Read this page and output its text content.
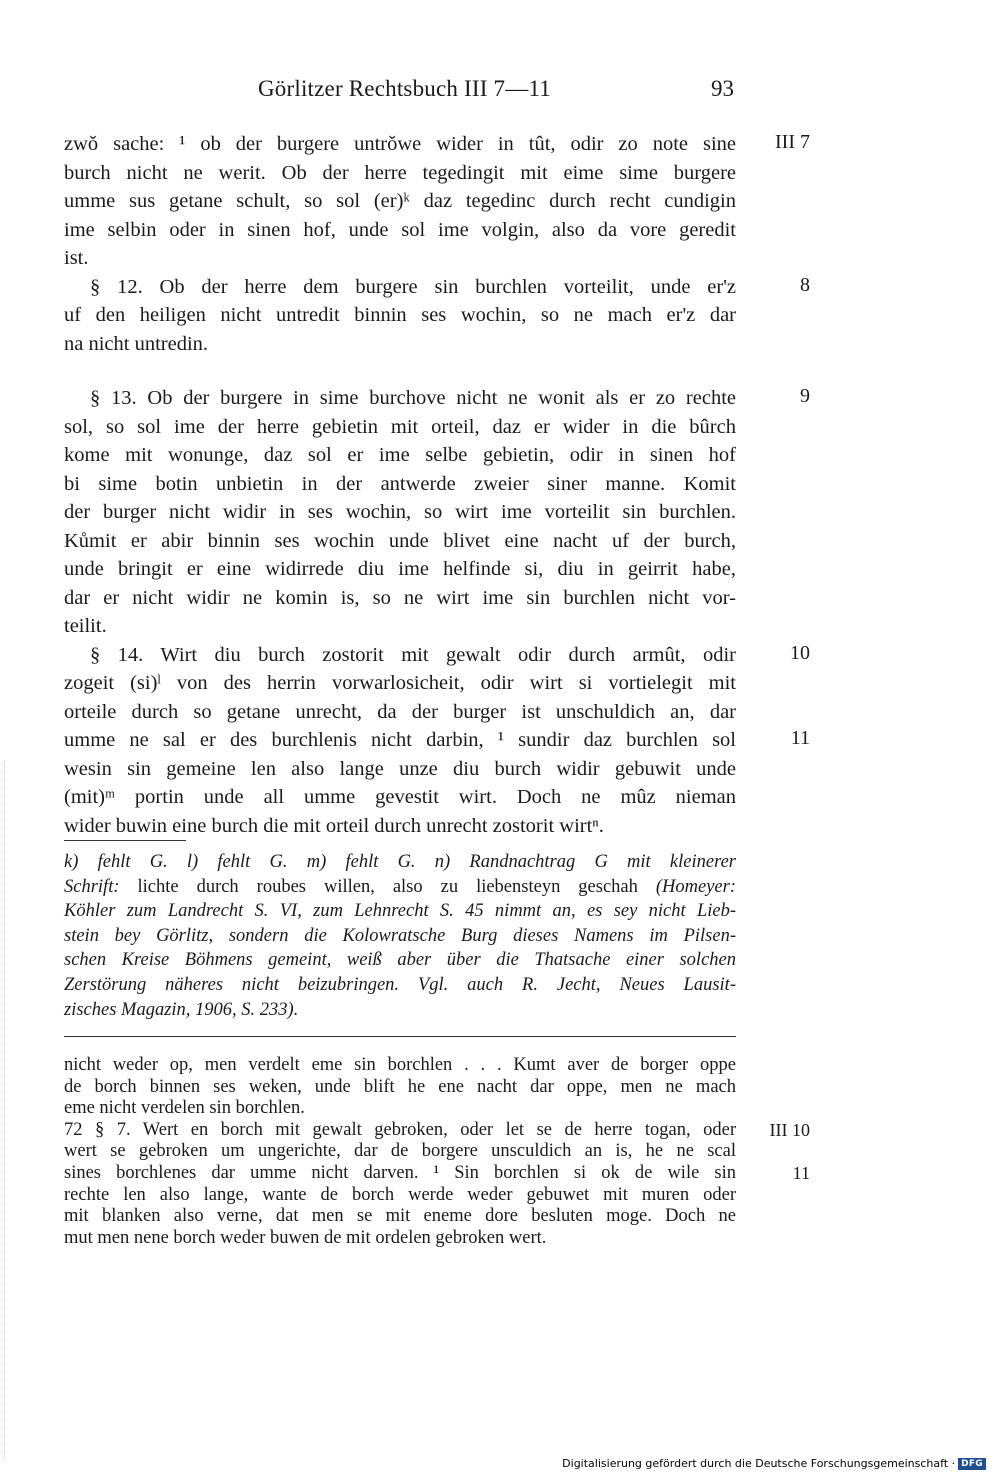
Görlitzer Rechtsbuch III 7—11	93
zwǒ sache: ¹ ob der burgere untrǒwe wider in tût, odir zo note sine
burch nicht ne werit. Ob der herre tegedingit mit eime sime burgere
umme sus getane schult, so sol (er)ᵏ daz tegedinc durch recht cundigin
ime selbin oder in sinen hof, unde sol ime volgin, also da vore geredit
ist.
§ 12. Ob der herre dem burgere sin burchlen vorteilit, unde er'z
uf den heiligen nicht untredit binnin ses wochin, so ne mach er'z dar
na nicht untredin.
§ 13. Ob der burgere in sime burchove nicht ne wonit als er zo rechte
sol, so sol ime der herre gebietin mit orteil, daz er wider in die bûrch
kome mit wonunge, daz sol er ime selbe gebietin, odir in sinen hof
bi sime botin unbietin in der antwerde zweier siner manne. Komit
der burger nicht widir in ses wochin, so wirt ime vorteilit sin burchlen.
Kůmit er abir binnin ses wochin unde blivet eine nacht uf der burch,
unde bringit er eine widirrede diu ime helfinde si, diu in geirrit habe,
dar er nicht widir ne komin is, so ne wirt ime sin burchlen nicht vor-
teilit.
§ 14. Wirt diu burch zostorit mit gewalt odir durch armût, odir
zogeit (si)ˡ von des herrin vorwarlosicheit, odir wirt si vortielegit mit
orteile durch so getane unrecht, da der burger ist unschuldich an, dar
umme ne sal er des burchlenis nicht darbin, ¹ sundir daz burchlen sol
wesin sin gemeine len also lange unze diu burch widir gebuwit unde
(mit)ᵐ portin unde all umme gevestit wirt. Doch ne mûz nieman
wider buwin eine burch die mit orteil durch unrecht zostorit wirtⁿ.
III 7
8
9
10
11
k) fehlt G. l) fehlt G. m) fehlt G. n) Randnachtrag G mit kleinerer
Schrift: lichte durch roubes willen, also zu liebensteyn geschah (Homeyer:
Köhler zum Landrecht S. VI, zum Lehnrecht S. 45 nimmt an, es sey nicht Lieb-
stein bey Görlitz, sondern die Kolowratsche Burg dieses Namens im Pilsen-
schen Kreise Böhmens gemeint, weiß aber über die Thatsache einer solchen
Zerstörung näheres nicht beizubringen. Vgl. auch R. Jecht, Neues Lausit-
zisches Magazin, 1906, S. 233).
nicht weder op, men verdelt eme sin borchlen . . . Kumt aver de borger oppe
de borch binnen ses weken, unde blift he ene nacht dar oppe, men ne mach
eme nicht verdelen sin borchlen.
72 § 7. Wert en borch mit gewalt gebroken, oder let se de herre togan, oder
wert se gebroken um ungerichte, dar de borgere unsculdich an is, he ne scal
sines borchlenes dar umme nicht darven. ¹ Sin borchlen si ok de wile sin
rechte len also lange, wante de borch werde weder gebuwet mit muren oder
mit blanken also verne, dat men se mit eneme dore besluten moge. Doch ne
mut men nene borch weder buwen de mit ordelen gebroken wert.
III 10
11
Digitalisierung gefördert durch die Deutsche Forschungsgemeinschaft · DFG
